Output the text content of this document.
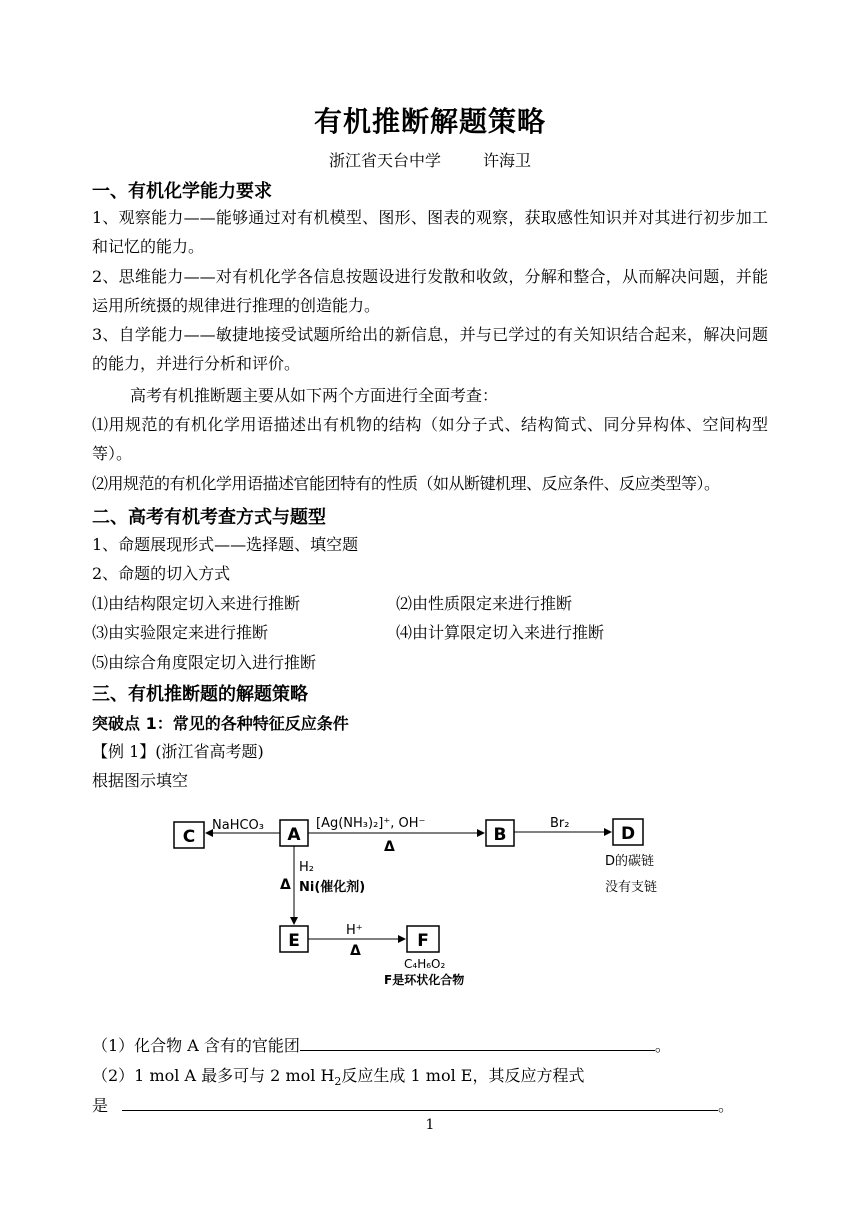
有机推断解题策略
浙江省天台中学	许海卫
一、有机化学能力要求
1、观察能力——能够通过对有机模型、图形、图表的观察，获取感性知识并对其进行初步加工和记忆的能力。
2、思维能力——对有机化学各信息按题设进行发散和收敛，分解和整合，从而解决问题，并能运用所统摄的规律进行推理的创造能力。
3、自学能力——敏捷地接受试题所给出的新信息，并与已学过的有关知识结合起来，解决问题的能力，并进行分析和评价。
高考有机推断题主要从如下两个方面进行全面考查：
⑴用规范的有机化学用语描述出有机物的结构（如分子式、结构简式、同分异构体、空间构型等）。
⑵用规范的有机化学用语描述官能团特有的性质（如从断键机理、反应条件、反应类型等）。
二、高考有机考查方式与题型
1、命题展现形式——选择题、填空题
2、命题的切入方式
⑴由结构限定切入来进行推断	⑵由性质限定来进行推断
⑶由实验限定来进行推断	⑷由计算限定切入来进行推断
⑸由综合角度限定切入进行推断
三、有机推断题的解题策略
突破点 1：常见的各种特征反应条件
【例 1】(浙江省高考题)
根据图示填空
C	A	B	D
E	F
NaHCO₃	[Ag(NH₃)₂]⁺, OH⁻
Δ
Br₂
D的碳链
没有支链
H₂
Δ Ni(催化剂)
H⁺
Δ
C₄H₆O₂
F是环状化合物
（1）化合物 A 含有的官能团	。
（2）1 mol A 最多可与 2 mol $H_2$反应生成 1 mol E，其反应方程式
是	。
1
